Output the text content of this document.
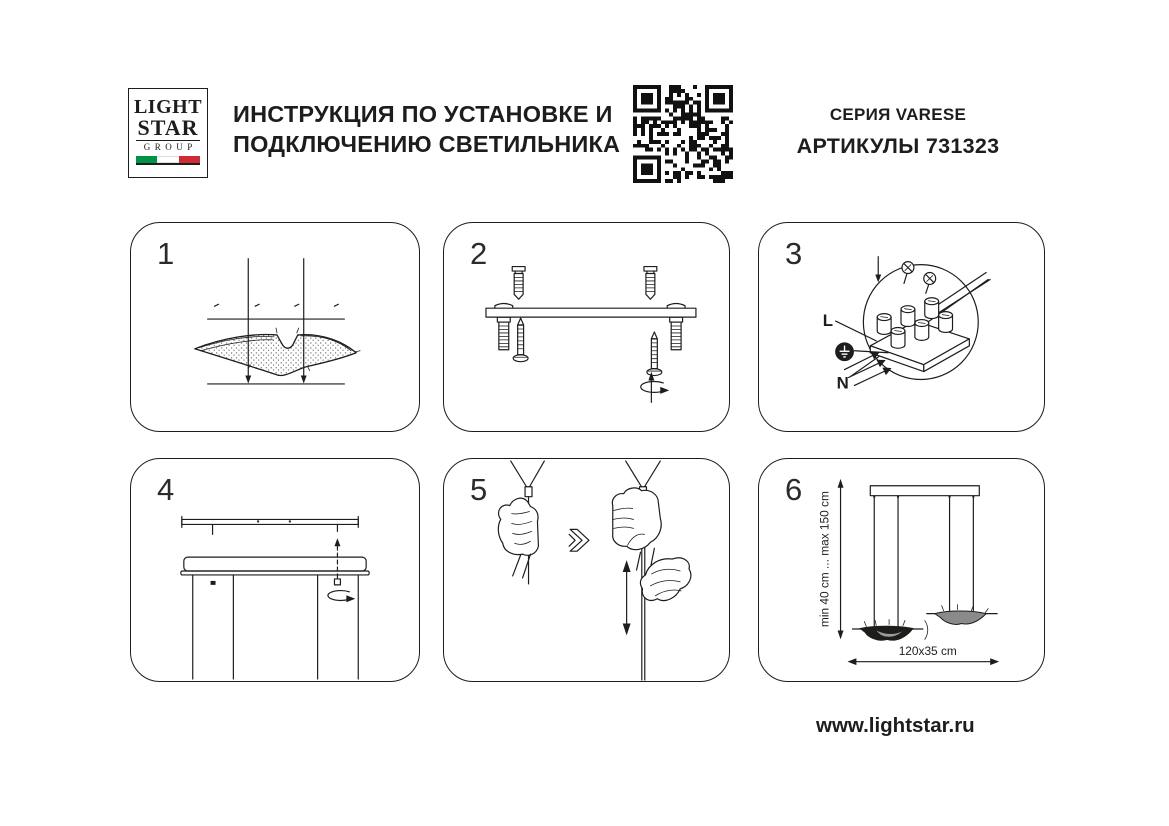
LIGHT
STAR
GROUP
ИНСТРУКЦИЯ ПО УСТАНОВКЕ И
ПОДКЛЮЧЕНИЮ СВЕТИЛЬНИКА
СЕРИЯ VARESE
АРТИКУЛЫ 731323
1	2	3
L
N
4	5	6
min 40 cm ... max 150 cm
120x35 cm
www.lightstar.ru
